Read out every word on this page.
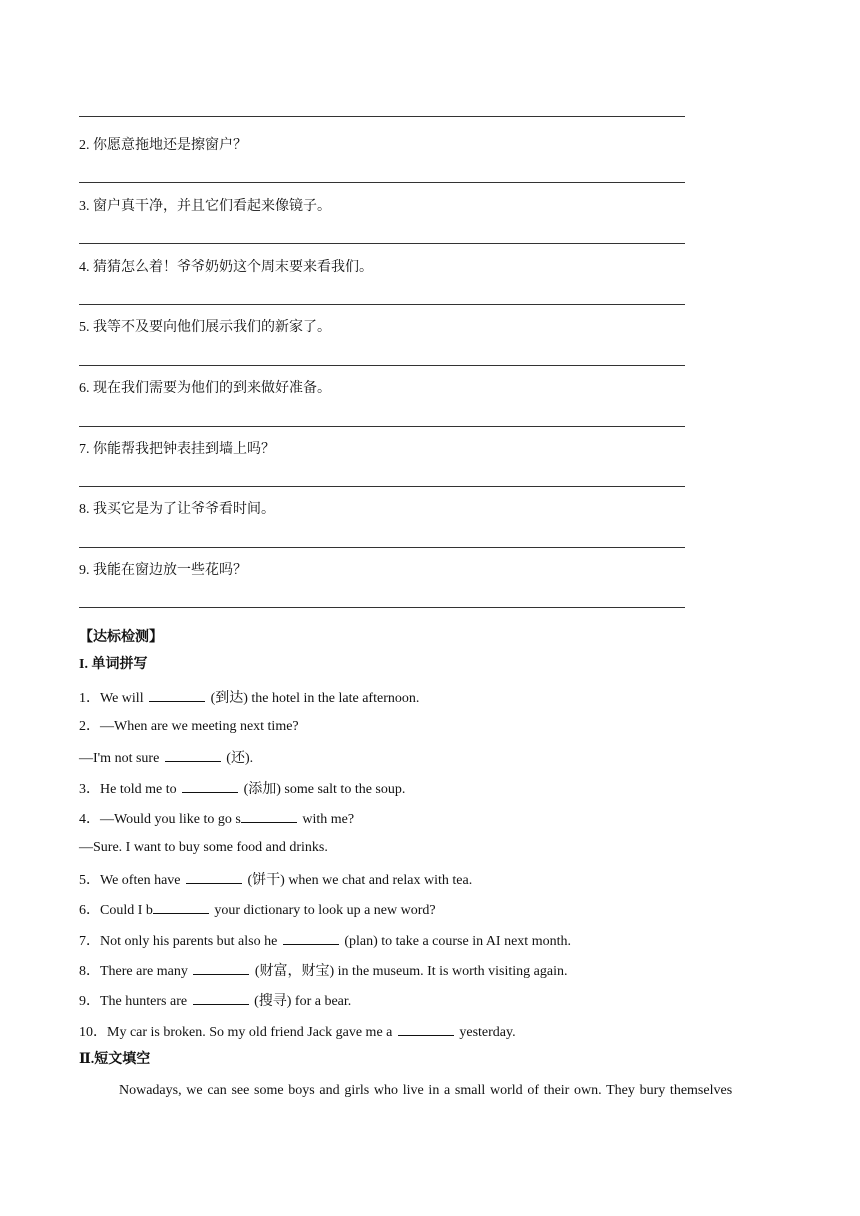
2. 你愿意拖地还是擦窗户？
3. 窗户真干净，并且它们看起来像镜子。
4. 猜猜怎么着！爷爷奶奶这个周末要来看我们。
5. 我等不及要向他们展示我们的新家了。
6. 现在我们需要为他们的到来做好准备。
7. 你能帮我把钟表挂到墙上吗？
8. 我买它是为了让爷爷看时间。
9. 我能在窗边放一些花吗？
【达标检测】
I. 单词拼写
1．We will	(到达) the hotel in the late afternoon.
2．—When are we meeting next time?
—I'm not sure	(还).
3．He told me to	(添加) some salt to the soup.
4．—Would you like to go s	with me?
—Sure. I want to buy some food and drinks.
5．We often have	(饼干) when we chat and relax with tea.
6．Could I b	your dictionary to look up a new word?
7．Not only his parents but also he	(plan) to take a course in AI next month.
8．There are many	(财富，财宝) in the museum. It is worth visiting again.
9．The hunters are	(搜寻) for a bear.
10．My car is broken. So my old friend Jack gave me a	yesterday.
Ⅱ.短文填空
Nowadays, we can see some boys and girls who live in a small world of their own. They bury themselves
